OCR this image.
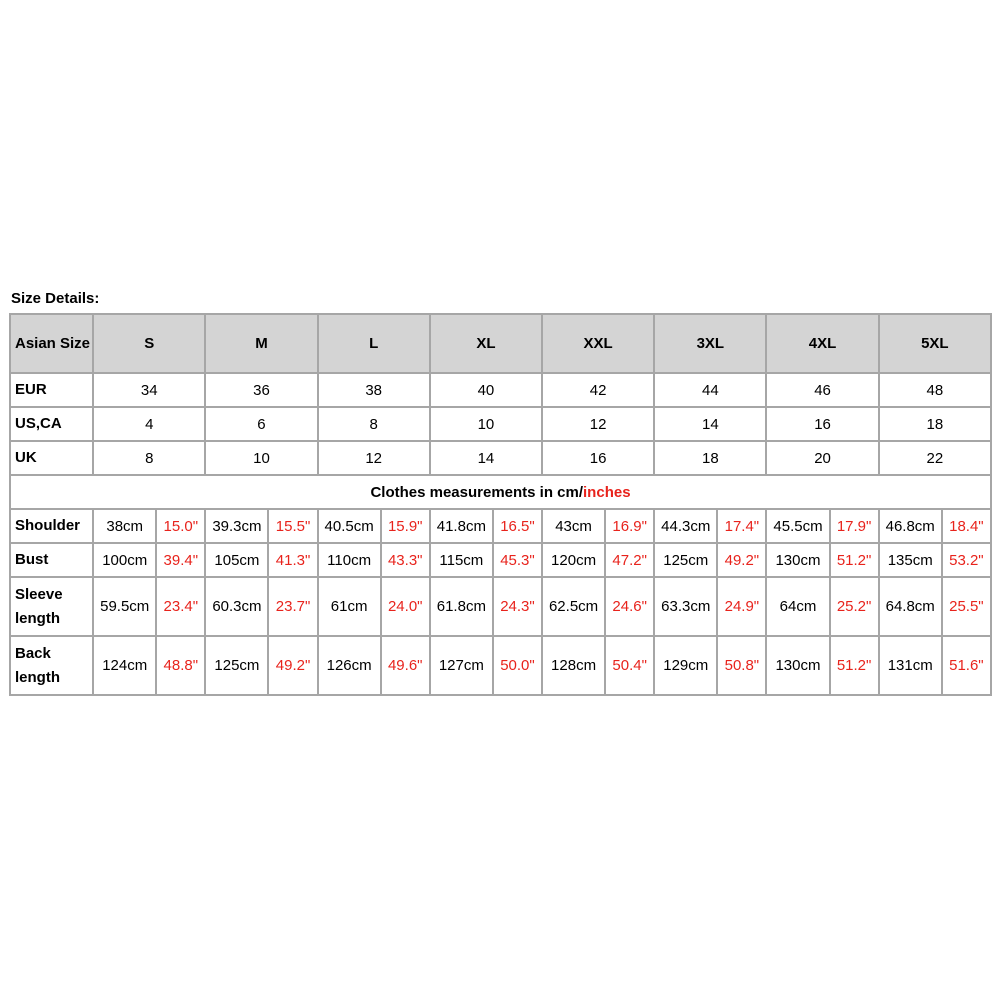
Size Details:
Asian Size	S		M		L		XL		XXL		3XL		4XL		5XL	
EUR	34		36		38		40		42		44		46		48	
US,CA	4		6		8		10		12		14		16		18	
UK	8		10		12		14		16		18		20		22	
Clothes measurements in cm/inches																
Shoulder	38cm	15.0"	39.3cm	15.5"	40.5cm	15.9"	41.8cm	16.5"	43cm	16.9"	44.3cm	17.4"	45.5cm	17.9"	46.8cm	18.4"
Bust	100cm	39.4"	105cm	41.3"	110cm	43.3"	115cm	45.3"	120cm	47.2"	125cm	49.2"	130cm	51.2"	135cm	53.2"
Sleeve length	59.5cm	23.4"	60.3cm	23.7"	61cm	24.0"	61.8cm	24.3"	62.5cm	24.6"	63.3cm	24.9"	64cm	25.2"	64.8cm	25.5"
Back length	124cm	48.8"	125cm	49.2"	126cm	49.6"	127cm	50.0"	128cm	50.4"	129cm	50.8"	130cm	51.2"	131cm	51.6"
